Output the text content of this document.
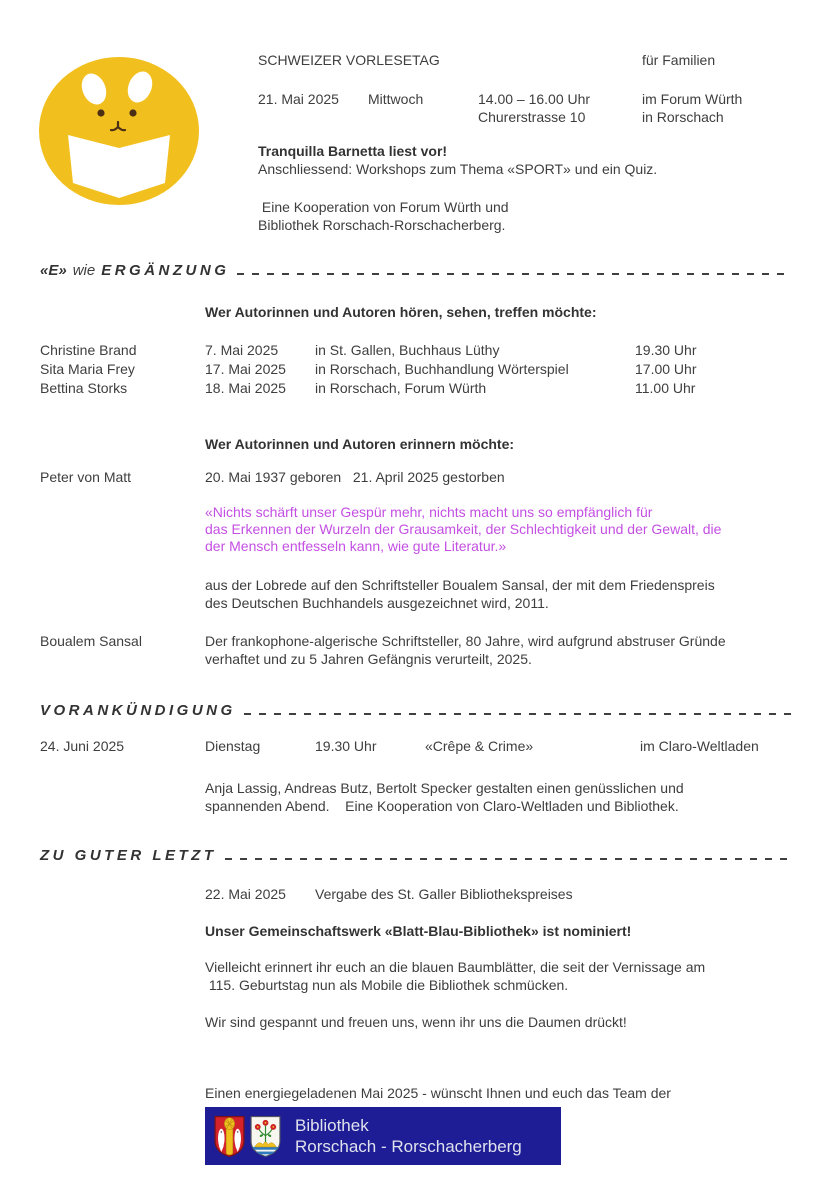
SCHWEIZER VORLESETAG	für Familien
21. Mai 2025 Mittwoch	14.00 – 16.00 Uhr	im Forum Würth
Churerstrasse 10	in Rorschach
Tranquilla Barnetta liest vor!
Anschliessend: Workshops zum Thema «SPORT» und ein Quiz.
Eine Kooperation von Forum Würth und
Bibliothek Rorschach-Rorschacherberg.
«E» wie ERGÄNZUNG
Wer Autorinnen und Autoren hören, sehen, treffen möchte:
Christine Brand	7. Mai 2025	in St. Gallen, Buchhaus Lüthy	19.30 Uhr
Sita Maria Frey	17. Mai 2025 in Rorschach, Buchhandlung Wörterspiel	17.00 Uhr
Bettina Storks	18. Mai 2025 in Rorschach, Forum Würth	11.00 Uhr
Wer Autorinnen und Autoren erinnern möchte:
Peter von Matt	20. Mai 1937 geboren   21. April 2025 gestorben
«Nichts schärft unser Gespür mehr, nichts macht uns so empfänglich für
das Erkennen der Wurzeln der Grausamkeit, der Schlechtigkeit und der Gewalt, die
der Mensch entfesseln kann, wie gute Literatur.»
aus der Lobrede auf den Schriftsteller Boualem Sansal, der mit dem Friedenspreis
des Deutschen Buchhandels ausgezeichnet wird, 2011.
Boualem Sansal	Der frankophone-algerische Schriftsteller, 80 Jahre, wird aufgrund abstruser Gründe
verhaftet und zu 5 Jahren Gefängnis verurteilt, 2025.
VORANKÜNDIGUNG
24. Juni 2025	Dienstag	19.30 Uhr	«Crêpe & Crime»	im Claro-Weltladen
Anja Lassig, Andreas Butz, Bertolt Specker gestalten einen genüsslichen und
spannenden Abend.    Eine Kooperation von Claro-Weltladen und Bibliothek.
ZU GUTER LETZT
22. Mai 2025 Vergabe des St. Galler Bibliothekspreises
Unser Gemeinschaftswerk «Blatt-Blau-Bibliothek» ist nominiert!
Vielleicht erinnert ihr euch an die blauen Baumblätter, die seit der Vernissage am
115. Geburtstag nun als Mobile die Bibliothek schmücken.
Wir sind gespannt und freuen uns, wenn ihr uns die Daumen drückt!
Einen energiegeladenen Mai 2025 - wünscht Ihnen und euch das Team der
Bibliothek
Rorschach - Rorschacherberg
